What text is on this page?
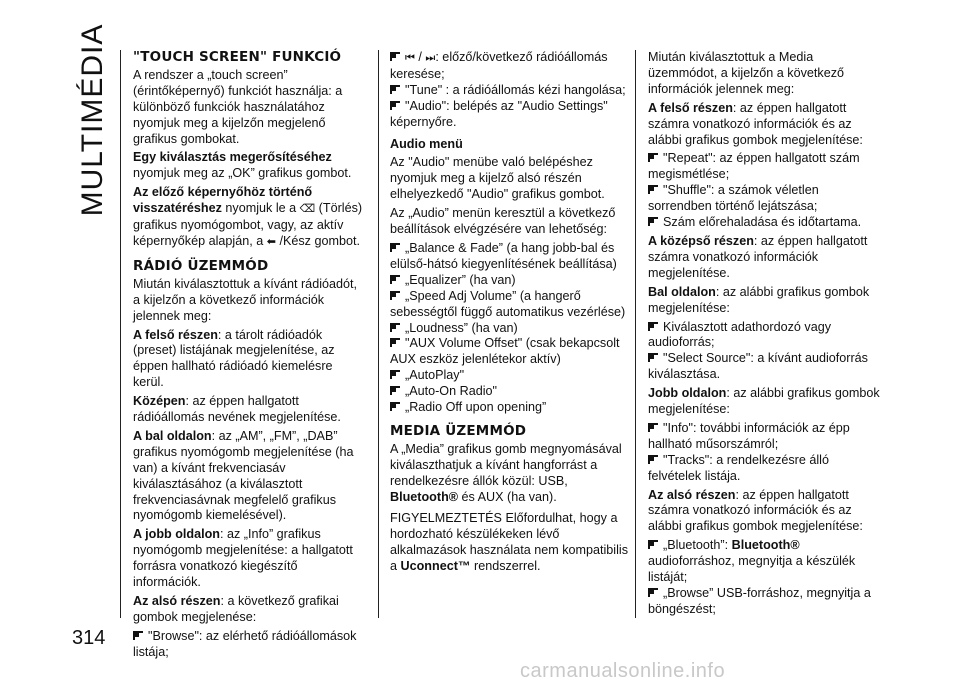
MULTIMÉDIA
314
"TOUCH SCREEN" FUNKCIÓ

A rendszer a „touch screen” (érintőképernyő) funkciót használja: a különböző funkciók használatához nyomjuk meg a kijelzőn megjelenő grafikus gombokat.

Egy kiválasztás megerősítéséhez nyomjuk meg az „OK” grafikus gombot.

Az előző képernyőhöz történő visszatéréshez nyomjuk le a ⌫ (Törlés) grafikus nyomógombot, vagy, az aktív képernyőkép alapján, a ⬅ /Kész gombot.

RÁDIÓ ÜZEMMÓD

Miután kiválasztottuk a kívánt rádióadót, a kijelzőn a következő információk jelennek meg:

A felső részen: a tárolt rádióadók (preset) listájának megjelenítése, az éppen hallható rádióadó kiemelésre kerül.

Középen: az éppen hallgatott rádióállomás nevének megjelenítése.

A bal oldalon: az „AM”, „FM”, „DAB” grafikus nyomógomb megjelenítése (ha van) a kívánt frekvenciasáv kiválasztásához (a kiválasztott frekvenciasávnak megfelelő grafikus nyomógomb kiemelésével).

A jobb oldalon: az „Info” grafikus nyomógomb megjelenítése: a hallgatott forrásra vonatkozó kiegészítő információk.

Az alsó részen: a következő grafikai gombok megjelenése:

"Browse": az elérhető rádióállomások listája;

⏮ / ⏭: előző/következő rádióállomás keresése;

"Tune" : a rádióállomás kézi hangolása;

"Audio": belépés az "Audio Settings" képernyőre.

Audio menü

Az "Audio" menübe való belépéshez nyomjuk meg a kijelző alsó részén elhelyezkedő "Audio" grafikus gombot.

Az „Audio” menün keresztül a következő beállítások elvégzésére van lehetőség:

„Balance & Fade” (a hang jobb-bal és elülső-hátsó kiegyenlítésének beállítása)

„Equalizer” (ha van)

„Speed Adj Volume” (a hangerő sebességtől függő automatikus vezérlése)

„Loudness” (ha van)

"AUX Volume Offset" (csak bekapcsolt AUX eszköz jelenlétekor aktív)

„AutoPlay"

„Auto-On Radio"

„Radio Off upon opening”

MEDIA ÜZEMMÓD

A „Media” grafikus gomb megnyomásával kiválaszthatjuk a kívánt hangforrást a rendelkezésre állók közül: USB, Bluetooth® és AUX (ha van).

FIGYELMEZTETÉS Előfordulhat, hogy a hordozható készülékeken lévő alkalmazások használata nem kompatibilis a Uconnect™ rendszerrel.

Miután kiválasztottuk a Media üzemmódot, a kijelzőn a következő információk jelennek meg:

A felső részen: az éppen hallgatott számra vonatkozó információk és az alábbi grafikus gombok megjelenítése:

"Repeat": az éppen hallgatott szám megismétlése;

"Shuffle": a számok véletlen sorrendben történő lejátszása;

Szám előrehaladása és időtartama.

A középső részen: az éppen hallgatott számra vonatkozó információk megjelenítése.

Bal oldalon: az alábbi grafikus gombok megjelenítése:

Kiválasztott adathordozó vagy audioforrás;

"Select Source": a kívánt audioforrás kiválasztása.

Jobb oldalon: az alábbi grafikus gombok megjelenítése:

"Info": további információk az épp hallható műsorszámról;

"Tracks": a rendelkezésre álló felvételek listája.

Az alsó részen: az éppen hallgatott számra vonatkozó információk és az alábbi grafikus gombok megjelenítése:

„Bluetooth”: Bluetooth® audioforráshoz, megnyitja a készülék listáját;

„Browse” USB-forráshoz, megnyitja a böngészést;

carmanualsonline.info
